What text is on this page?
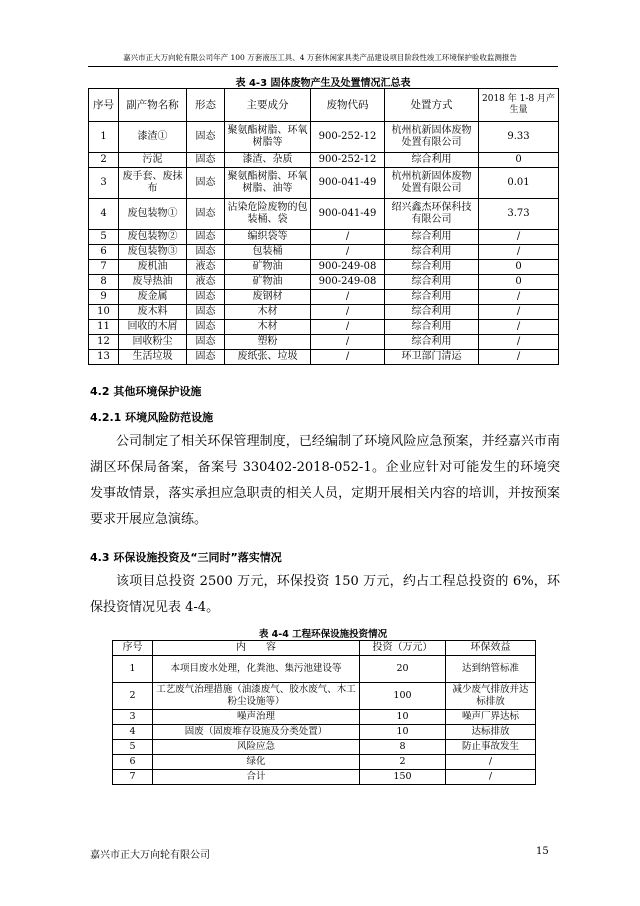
嘉兴市正大万向轮有限公司年产 100 万套液压工具、4 万套休闲家具类产品建设项目阶段性竣工环境保护验收监测报告
表 4-3 固体废物产生及处置情况汇总表
序号	副产物名称	形态	主要成分	废物代码	处置方式	2018 年 1-8 月产生量
1	漆渣①	固态	聚氨酯树脂、环氧树脂等	900-252-12	杭州杭新固体废物处置有限公司	9.33
2	污泥	固态	漆渣、杂质	900-252-12	综合利用	0
3	废手套、废抹布	固态	聚氨酯树脂、环氧树脂、油等	900-041-49	杭州杭新固体废物处置有限公司	0.01
4	废包装物①	固态	沾染危险废物的包装桶、袋	900-041-49	绍兴鑫杰环保科技有限公司	3.73
5	废包装物②	固态	编织袋等	/	综合利用	/
6	废包装物③	固态	包装桶	/	综合利用	/
7	废机油	液态	矿物油	900-249-08	综合利用	0
8	废导热油	液态	矿物油	900-249-08	综合利用	0
9	废金属	固态	废钢材	/	综合利用	/
10	废木料	固态	木材	/	综合利用	/
11	回收的木屑	固态	木材	/	综合利用	/
12	回收粉尘	固态	塑粉	/	综合利用	/
13	生活垃圾	固态	废纸张、垃圾	/	环卫部门清运	/
4.2 其他环境保护设施
4.2.1 环境风险防范设施

公司制定了相关环保管理制度，已经编制了环境风险应急预案，并经嘉兴市南湖区环保局备案，备案号 330402-2018-052-1。企业应针对可能发生的环境突发事故情景，落实承担应急职责的相关人员，定期开展相关内容的培训，并按预案要求开展应急演练。

4.3 环保设施投资及“三同时”落实情况

该项目总投资 2500 万元，环保投资 150 万元，约占工程总投资的 6%，环保投资情况见表 4-4。

表 4-4 工程环保设施投资情况
序号	内　　容	投资（万元）	环保效益
1	本项目废水处理，化粪池、集污池建设等	20	达到纳管标准
2	工艺废气治理措施（油漆废气、胶水废气、木工粉尘设施等）	100	减少废气排放并达标排放
3	噪声治理	10	噪声厂界达标
4	固废（固废堆存设施及分类处置）	10	达标排放
5	风险应急	8	防止事故发生
6	绿化	2	/
7	合计	150	/
嘉兴市正大万向轮有限公司	15
